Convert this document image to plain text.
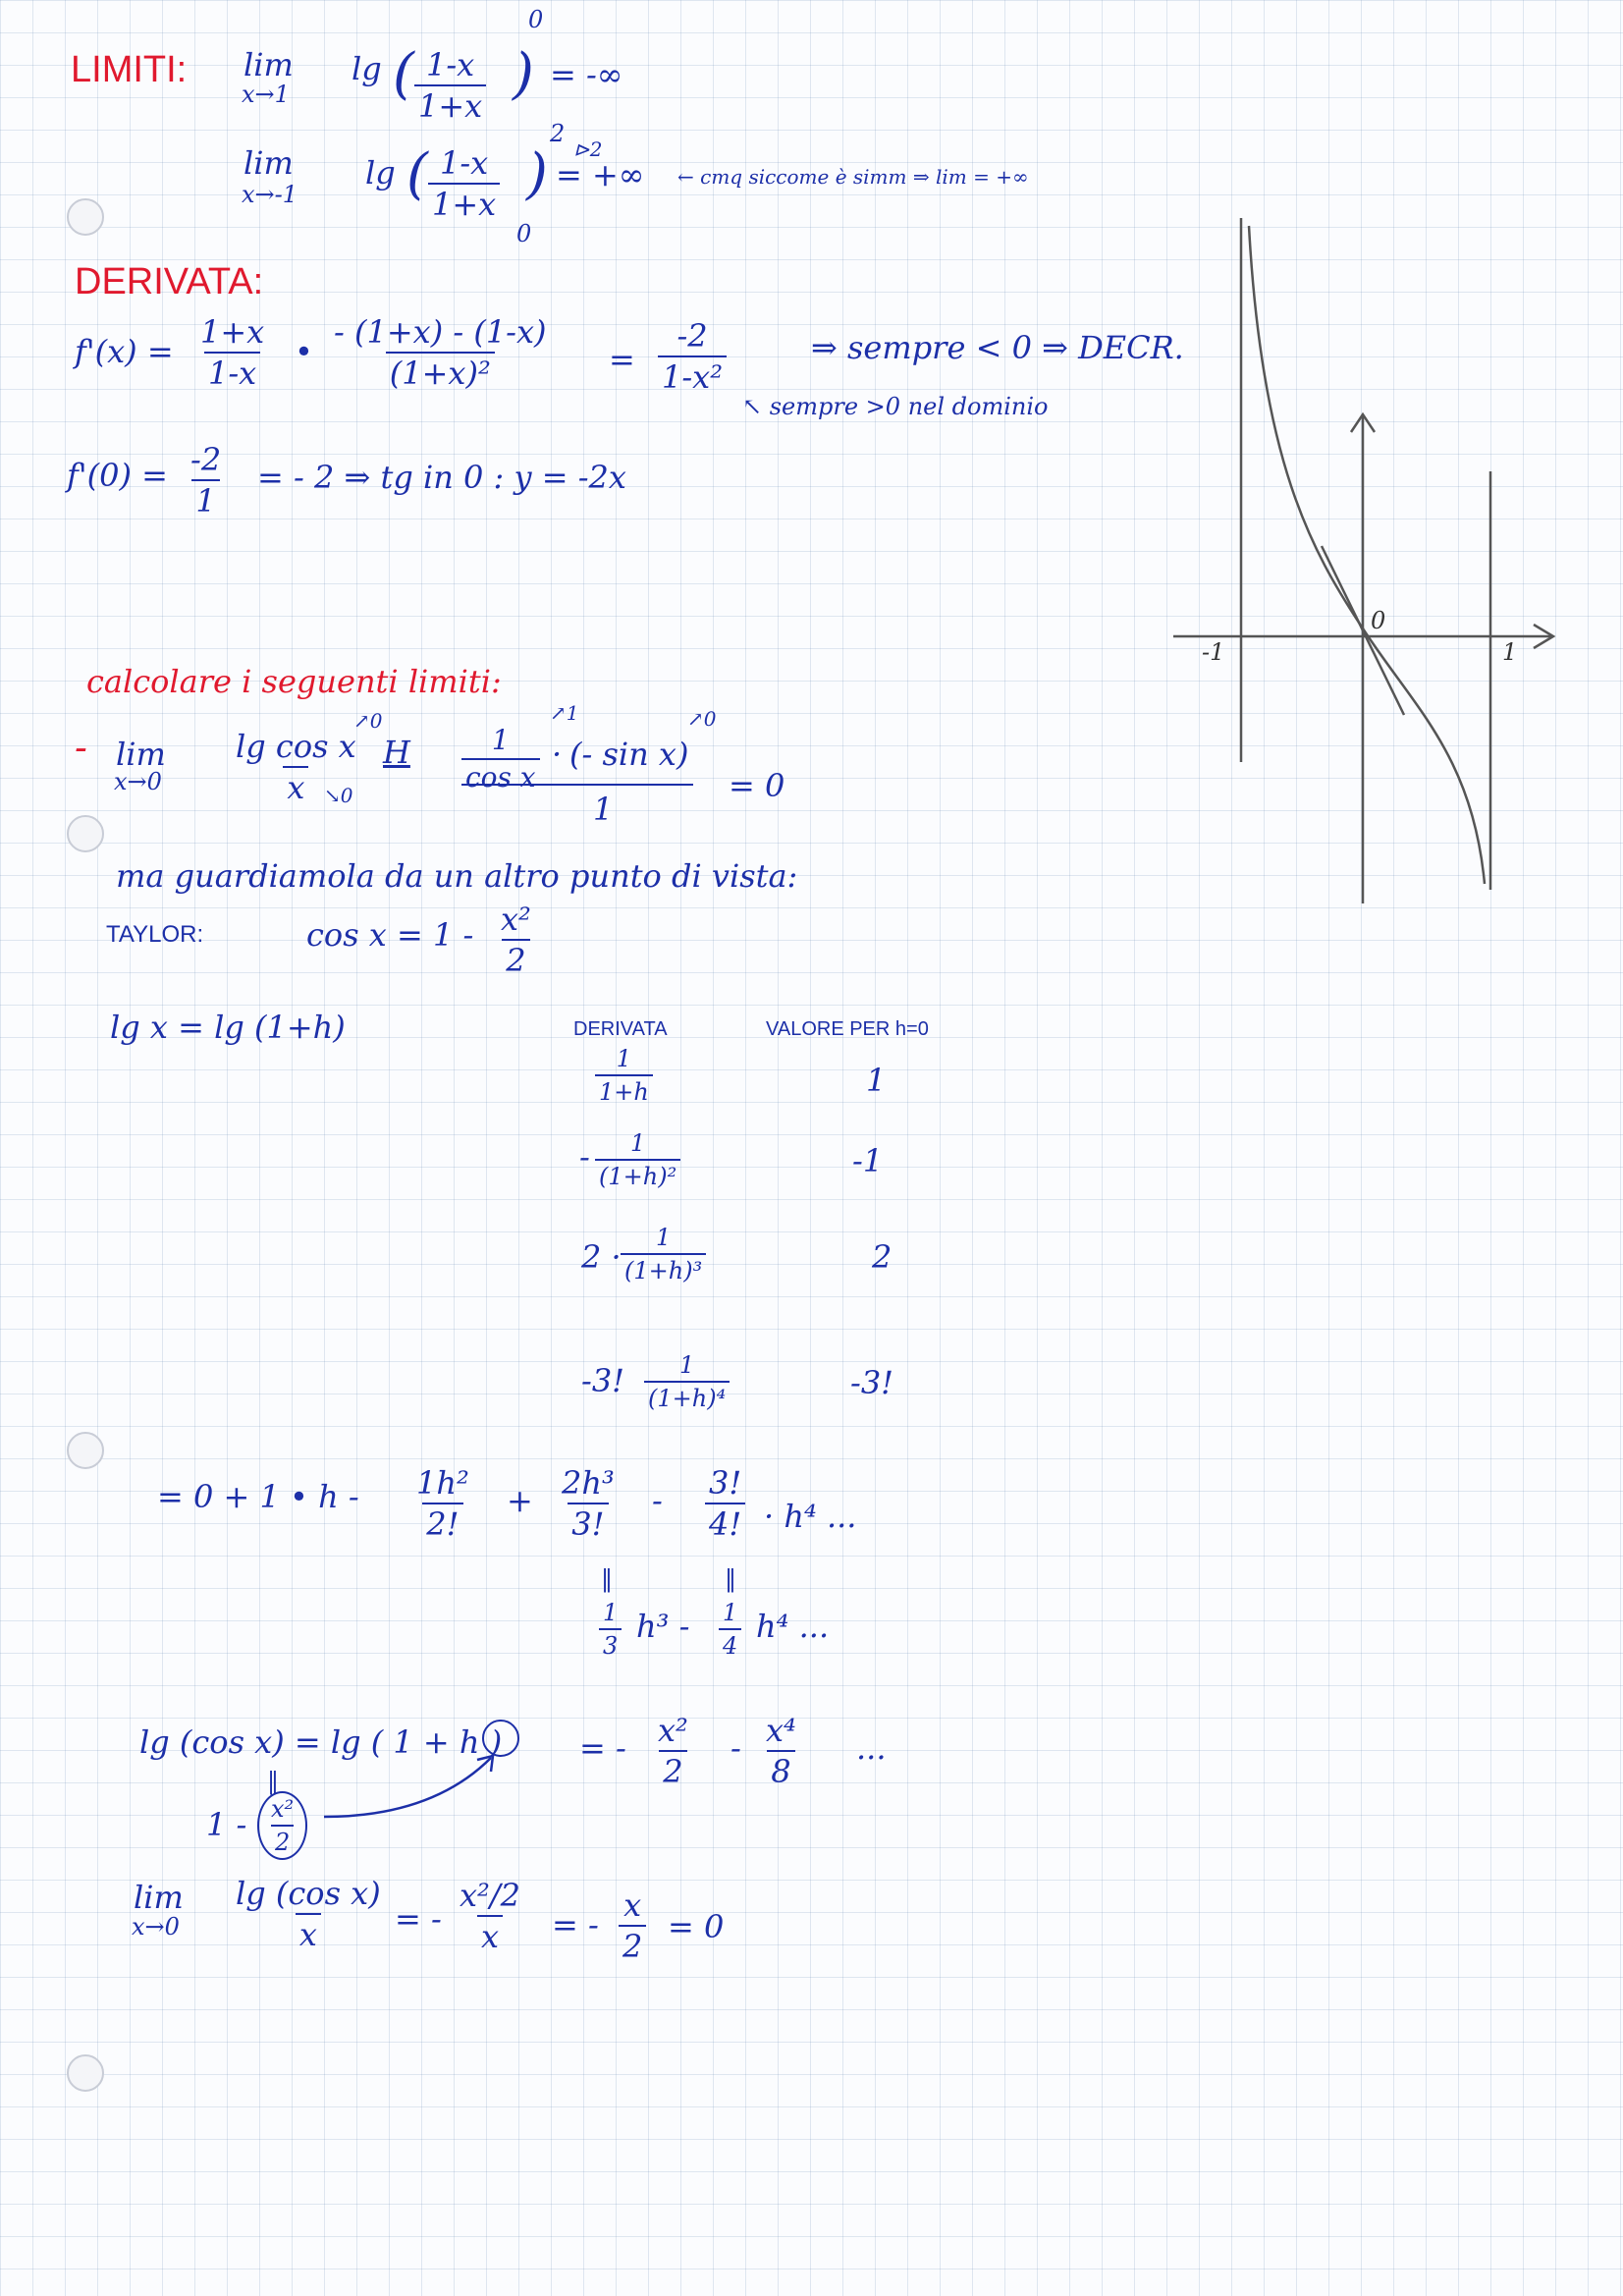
LIMITI: lim
x→1
lg ( $\frac{1-x}{1+x}$ ) = -∞
0
lim
x→-1
lg ( $\frac{1-x}{1+x}$ ) = +∞
2
⊳2
0
← cmq siccome è simm ⇒ lim = +∞
DERIVATA:
$f'(x) = \frac{1+x}{1-x}$ • $\frac{- (1+x) - (1-x)}{\text{(1+x)²}} = \frac{-2}{\text{1-x²}}$	⇒ sempre < 0 ⇒ DECR.
↖ sempre >0 nel dominio
$f'(0) = \frac{-2}{1}$ = - 2 ⇒ tg in 0 : y = -2x
0
-1	1
calcolare i seguenti limiti:
- lim
$x\to 0 \frac{\text{lg cos x}}{x}$
↗0
↘0
H $\frac{1}{\text{cos x}}$ · (- sin x)
↗1	↗0
1
= 0
ma guardiamola da un altro punto di vista:
TAYLOR:	$\cos x = 1 - \frac{\text{x²}}{2}$
lg x = lg (1+h)	DERIVATA	VALORE PER h=0
$\frac{1}{1+h}$	1
- $\frac{1}{\text{(1+h)²}}$	-1
$2 \cdot \frac{1}{\text{(1+h)³}}$	2
-3! $\frac{1}{\text{(1+h)⁴}}$	-3!
= 0 + 1 • $h - \frac{\text{1h²}}{2!} + \frac{\text{2h³}}{3!} - \frac{3!}{4!} \cdot h^4$ ...
‖	‖
$\frac{1}{3} h^3 - \frac{1}{4} h^4$ ...
lg (cos x) = lg ( 1 + h ) = - $\frac{\text{x²}}{2} - \frac{\text{x⁴}}{8}$ ...
‖
$1 - \frac{\text{x²}}{2}$
lim
$x\to 0 \frac{\text{lg (cos x)}}{x}$ = - $\frac{\text{x²/2}}{x}$ = - $\frac{x}{2} = 0$
